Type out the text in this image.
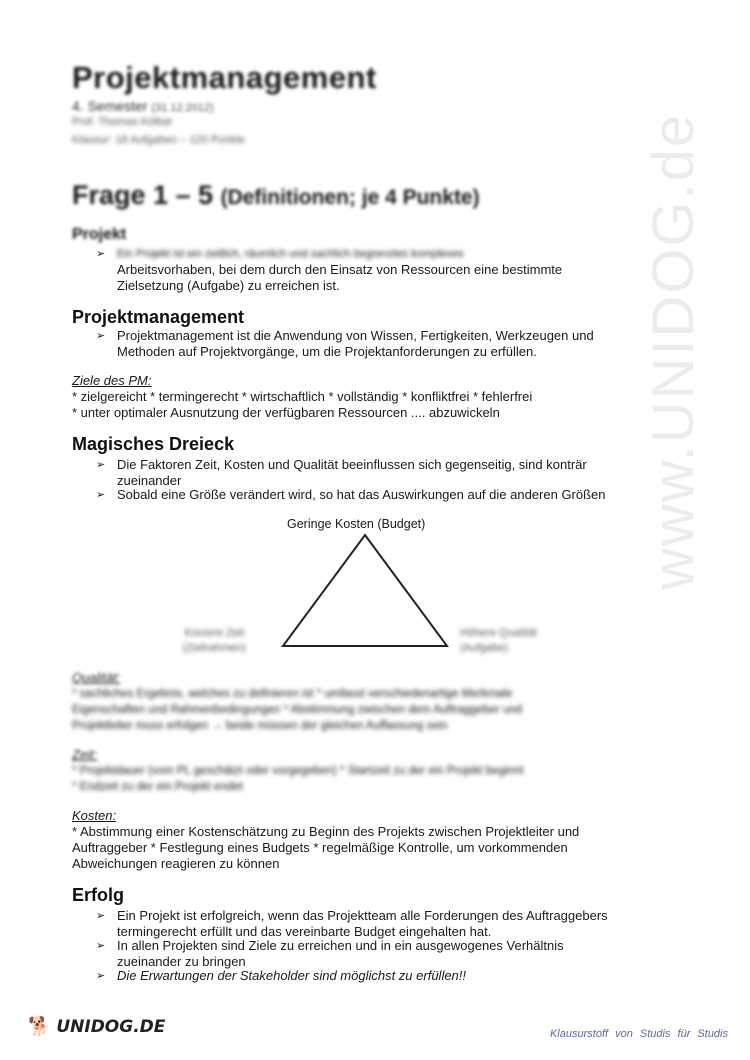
www.UNIDOG.de
Projektmanagement
4. Semester (31.12.2012)
Prof. Thomas Kölbar
Klausur: 18 Aufgaben – 120 Punkte
Frage 1 – 5 (Definitionen; je 4 Punkte)
Projekt
➢	Ein Projekt ist ein zeitlich, räumlich und sachlich begrenztes komplexes
Arbeitsvorhaben, bei dem durch den Einsatz von Ressourcen eine bestimmte
Zielsetzung (Aufgabe) zu erreichen ist.
Projektmanagement
➢ Projektmanagement ist die Anwendung von Wissen, Fertigkeiten, Werkzeugen und
Methoden auf Projektvorgänge, um die Projektanforderungen zu erfüllen.
Ziele des PM:
* zielgereicht * termingerecht * wirtschaftlich * vollständig * konfliktfrei * fehlerfrei
* unter optimaler Ausnutzung der verfügbaren Ressourcen .... abzuwickeln
Magisches Dreieck
➢ Die Faktoren Zeit, Kosten und Qualität beeinflussen sich gegenseitig, sind konträr
zueinander
➢ Sobald eine Größe verändert wird, so hat das Auswirkungen auf die anderen Größen
Geringe Kosten (Budget)
Kürzere Zeit
(Zeitrahmen)
Höhere Qualität
(Aufgabe)
Qualität:
* sachliches Ergebnis, welches zu definieren ist * umfasst verschiedenartige Merkmale
Eigenschaften und Rahmenbedingungen * Abstimmung zwischen dem Auftraggeber und
Projektleiter muss erfolgen → beide müssen der gleichen Auffassung sein
Zeit:
* Projektdauer (vom PL geschätzt oder vorgegeben) * Startzeit zu der ein Projekt beginnt
* Endzeit zu der ein Projekt endet
Kosten:
* Abstimmung einer Kostenschätzung zu Beginn des Projekts zwischen Projektleiter und
Auftraggeber * Festlegung eines Budgets * regelmäßige Kontrolle, um vorkommenden
Abweichungen reagieren zu können
Erfolg
➢ Ein Projekt ist erfolgreich, wenn das Projektteam alle Forderungen des Auftraggebers
termingerecht erfüllt und das vereinbarte Budget eingehalten hat.
➢ In allen Projekten sind Ziele zu erreichen und in ein ausgewogenes Verhältnis
zueinander zu bringen
➢ Die Erwartungen der Stakeholder sind möglichst zu erfüllen!!
🐕 UNIDOG.DE	Klausurstoff von Studis für Studis
